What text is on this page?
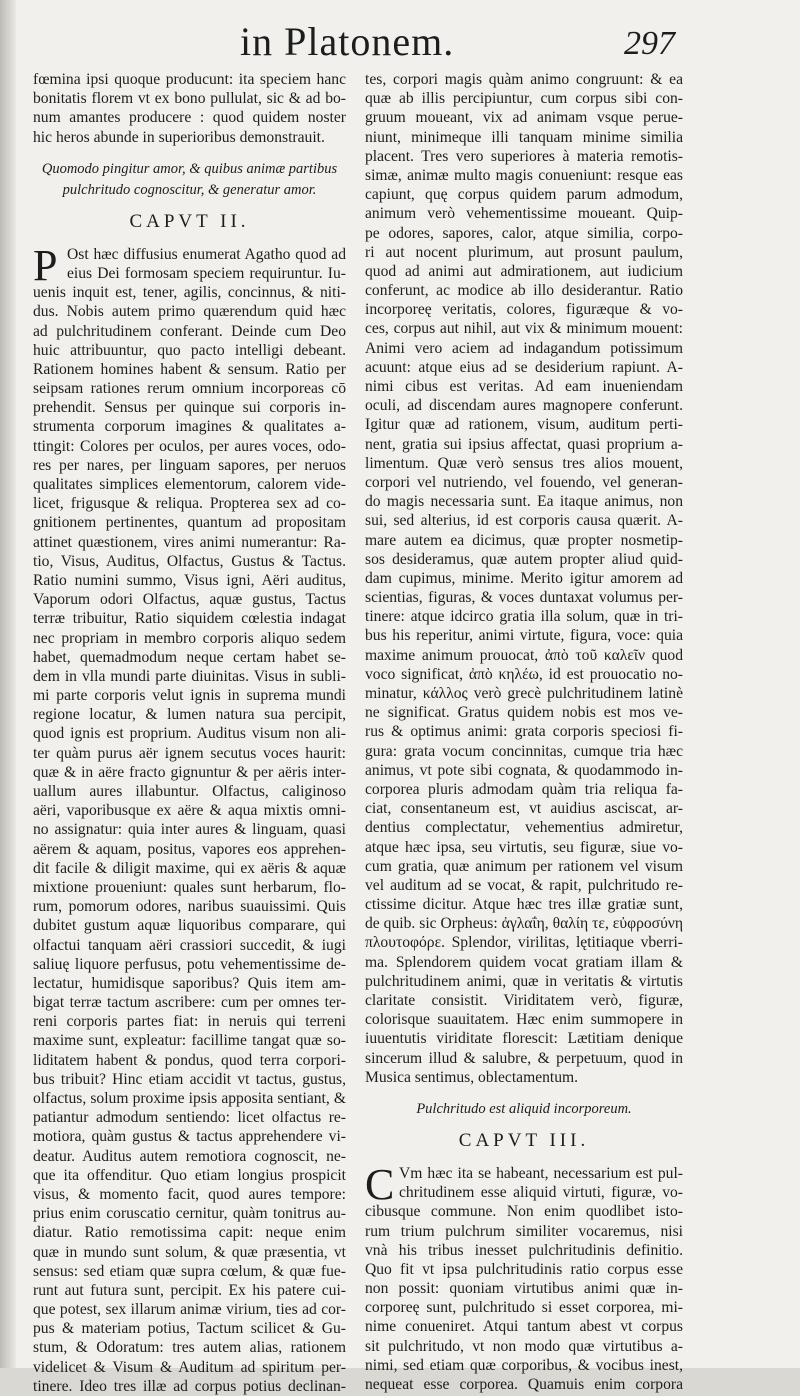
in Platonem.	297
fœmina ipsi quoque producunt: ita speciem hanc
bonitatis florem vt ex bono pullulat, sic & ad bo-
num amantes producere : quod quidem noster
hic heros abunde in superioribus demonstrauit.
Quomodo pingitur amor, & quibus animæ partibus
pulchritudo cognoscitur, & generatur amor.
CAPVT II.
P Ost hæc diffusius enumerat Agatho quod ad
eius Dei formosam speciem requiruntur. Iu-
uenis inquit est, tener, agilis, concinnus, & niti-
dus. Nobis autem primo quærendum quid hæc
ad pulchritudinem conferant. Deinde cum Deo
huic attribuuntur, quo pacto intelligi debeant.
Rationem homines habent & sensum. Ratio per
seipsam rationes rerum omnium incorporeas cō
prehendit. Sensus per quinque sui corporis in-
strumenta corporum imagines & qualitates a-
ttingit: Colores per oculos, per aures voces, odo-
res per nares, per linguam sapores, per neruos
qualitates simplices elementorum, calorem vide-
licet, frigusque & reliqua. Propterea sex ad co-
gnitionem pertinentes, quantum ad propositam
attinet quæstionem, vires animi numerantur: Ra-
tio, Visus, Auditus, Olfactus, Gustus & Tactus.
Ratio numini summo, Visus igni, Aëri auditus,
Vaporum odori Olfactus, aquæ gustus, Tactus
terræ tribuitur, Ratio siquidem cœlestia indagat
nec propriam in membro corporis aliquo sedem
habet, quemadmodum neque certam habet se-
dem in vlla mundi parte diuinitas. Visus in subli-
mi parte corporis velut ignis in suprema mundi
regione locatur, & lumen natura sua percipit,
quod ignis est proprium. Auditus visum non ali-
ter quàm purus aër ignem secutus voces haurit:
quæ & in aëre fracto gignuntur & per aëris inter-
uallum aures illabuntur. Olfactus, caliginoso
aëri, vaporibusque ex aëre & aqua mixtis omni-
no assignatur: quia inter aures & linguam, quasi
aërem & aquam, positus, vapores eos apprehen-
dit facile & diligit maxime, qui ex aëris & aquæ
mixtione proueniunt: quales sunt herbarum, flo-
rum, pomorum odores, naribus suauissimi. Quis
dubitet gustum aquæ liquoribus comparare, qui
olfactui tanquam aëri crassiori succedit, & iugi
saliuę liquore perfusus, potu vehementissime de-
lectatur, humidisque saporibus? Quis item am-
bigat terræ tactum ascribere: cum per omnes ter-
reni corporis partes fiat: in neruis qui terreni
maxime sunt, expleatur: facillime tangat quæ so-
liditatem habent & pondus, quod terra corpori-
bus tribuit? Hinc etiam accidit vt tactus, gustus,
olfactus, solum proxime ipsis apposita sentiant, &
patiantur admodum sentiendo: licet olfactus re-
motiora, quàm gustus & tactus apprehendere vi-
deatur. Auditus autem remotiora cognoscit, ne-
que ita offenditur. Quo etiam longius prospicit
visus, & momento facit, quod aures tempore:
prius enim coruscatio cernitur, quàm tonitrus au-
diatur. Ratio remotissima capit: neque enim
quæ in mundo sunt solum, & quæ præsentia, vt
sensus: sed etiam quæ supra cœlum, & quæ fue-
runt aut futura sunt, percipit. Ex his patere cui-
que potest, sex illarum animæ virium, ties ad cor-
pus & materiam potius, Tactum scilicet & Gu-
stum, & Odoratum: tres autem alias, rationem
videlicet & Visum & Auditum ad spiritum per-
tinere. Ideo tres illæ ad corpus potius declinan-
tes, corpori magis quàm animo congruunt: & ea
quæ ab illis percipiuntur, cum corpus sibi con-
gruum moueant, vix ad animam vsque perue-
niunt, minimeque illi tanquam minime similia
placent. Tres vero superiores à materia remotis-
simæ, animæ multo magis conueniunt: resque eas
capiunt, quę corpus quidem parum admodum,
animum verò vehementissime moueant. Quip-
pe odores, sapores, calor, atque similia, corpo-
ri aut nocent plurimum, aut prosunt paulum,
quod ad animi aut admirationem, aut iudicium
conferunt, ac modice ab illo desiderantur. Ratio
incorporeę veritatis, colores, figuræque & vo-
ces, corpus aut nihil, aut vix & minimum mouent:
Animi vero aciem ad indagandum potissimum
acuunt: atque eius ad se desiderium rapiunt. A-
nimi cibus est veritas. Ad eam inueniendam
oculi, ad discendam aures magnopere conferunt.
Igitur quæ ad rationem, visum, auditum perti-
nent, gratia sui ipsius affectat, quasi proprium a-
limentum. Quæ verò sensus tres alios mouent,
corpori vel nutriendo, vel fouendo, vel generan-
do magis necessaria sunt. Ea itaque animus, non
sui, sed alterius, id est corporis causa quærit. A-
mare autem ea dicimus, quæ propter nosmetip-
sos desideramus, quæ autem propter aliud quid-
dam cupimus, minime. Merito igitur amorem ad
scientias, figuras, & voces duntaxat volumus per-
tinere: atque idcirco gratia illa solum, quæ in tri-
bus his reperitur, animi virtute, figura, voce: quia
maxime animum prouocat, ἀπὸ τοῦ καλεῖν quod
voco significat, ἀπὸ κηλέω, id est prouocatio no-
minatur, κάλλος verò grecè pulchritudinem latinè
ne significat. Gratus quidem nobis est mos ve-
rus & optimus animi: grata corporis speciosi fi-
gura: grata vocum concinnitas, cumque tria hæc
animus, vt pote sibi cognata, & quodammodo in-
corporea pluris admodam quàm tria reliqua fa-
ciat, consentaneum est, vt auidius asciscat, ar-
dentius complectatur, vehementius admiretur,
atque hæc ipsa, seu virtutis, seu figuræ, siue vo-
cum gratia, quæ animum per rationem vel visum
vel auditum ad se vocat, & rapit, pulchritudo re-
ctissime dicitur. Atque hæc tres illæ gratiæ sunt,
de quib. sic Orpheus: ἀγλαΐη, θαλίη τε, εὐφροσύνη
πλουτοφόρε. Splendor, virilitas, lętitiaque vberri-
ma. Splendorem quidem vocat gratiam illam &
pulchritudinem animi, quæ in veritatis & virtutis
claritate consistit. Viriditatem verò, figuræ,
colorisque suauitatem. Hæc enim summopere in
iuuentutis viriditate florescit: Lætitiam denique
sincerum illud & salubre, & perpetuum, quod in
Musica sentimus, oblectamentum.
Pulchritudo est aliquid incorporeum.
CAPVT III.
C Vm hæc ita se habeant, necessarium est pul-
chritudinem esse aliquid virtuti, figuræ, vo-
cibusque commune. Non enim quodlibet isto-
rum trium pulchrum similiter vocaremus, nisi
vnà his tribus inesset pulchritudinis definitio.
Quo fit vt ipsa pulchritudinis ratio corpus esse
non possit: quoniam virtutibus animi quæ in-
corporeę sunt, pulchritudo si esset corporea, mi-
nime conueniret. Atqui tantum abest vt corpus
sit pulchritudo, vt non modo quæ virtutibus a-
nimi, sed etiam quæ corporibus, & vocibus inest,
nequeat esse corporea. Quamuis enim corpora
